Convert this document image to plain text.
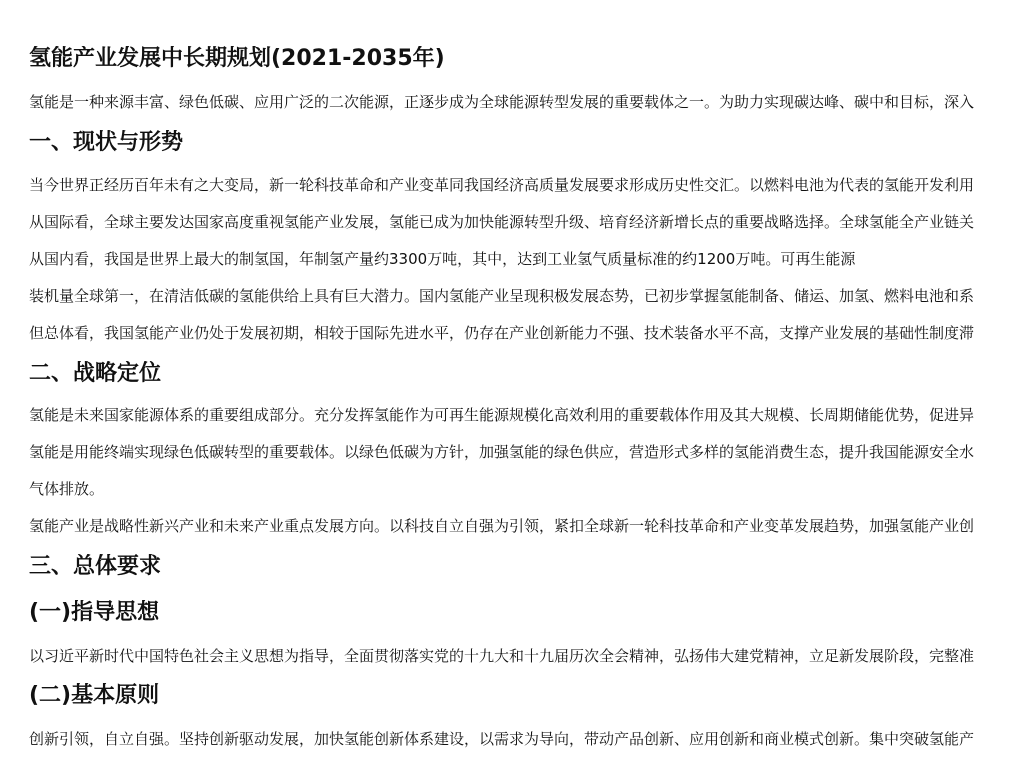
氢能产业发展中长期规划(2021-2035年)
氢能是一种来源丰富、绿色低碳、应用广泛的二次能源，正逐步成为全球能源转型发展的重要载体之一。为助力实现碳达峰、碳中和目标，深入
一、现状与形势
当今世界正经历百年未有之大变局，新一轮科技革命和产业变革同我国经济高质量发展要求形成历史性交汇。以燃料电池为代表的氢能开发利用
从国际看，全球主要发达国家高度重视氢能产业发展，氢能已成为加快能源转型升级、培育经济新增长点的重要战略选择。全球氢能全产业链关
从国内看，我国是世界上最大的制氢国，年制氢产量约3300万吨，其中，达到工业氢气质量标准的约1200万吨。可再生能源
装机量全球第一，在清洁低碳的氢能供给上具有巨大潜力。国内氢能产业呈现积极发展态势，已初步掌握氢能制备、储运、加氢、燃料电池和系
但总体看，我国氢能产业仍处于发展初期，相较于国际先进水平，仍存在产业创新能力不强、技术装备水平不高，支撑产业发展的基础性制度滞
二、战略定位
氢能是未来国家能源体系的重要组成部分。充分发挥氢能作为可再生能源规模化高效利用的重要载体作用及其大规模、长周期储能优势，促进异
氢能是用能终端实现绿色低碳转型的重要载体。以绿色低碳为方针，加强氢能的绿色供应，营造形式多样的氢能消费生态，提升我国能源安全水
气体排放。
氢能产业是战略性新兴产业和未来产业重点发展方向。以科技自立自强为引领，紧扣全球新一轮科技革命和产业变革发展趋势，加强氢能产业创
三、总体要求
(一)指导思想
以习近平新时代中国特色社会主义思想为指导，全面贯彻落实党的十九大和十九届历次全会精神，弘扬伟大建党精神，立足新发展阶段，完整准
(二)基本原则
创新引领，自立自强。坚持创新驱动发展，加快氢能创新体系建设，以需求为导向，带动产品创新、应用创新和商业模式创新。集中突破氢能产
